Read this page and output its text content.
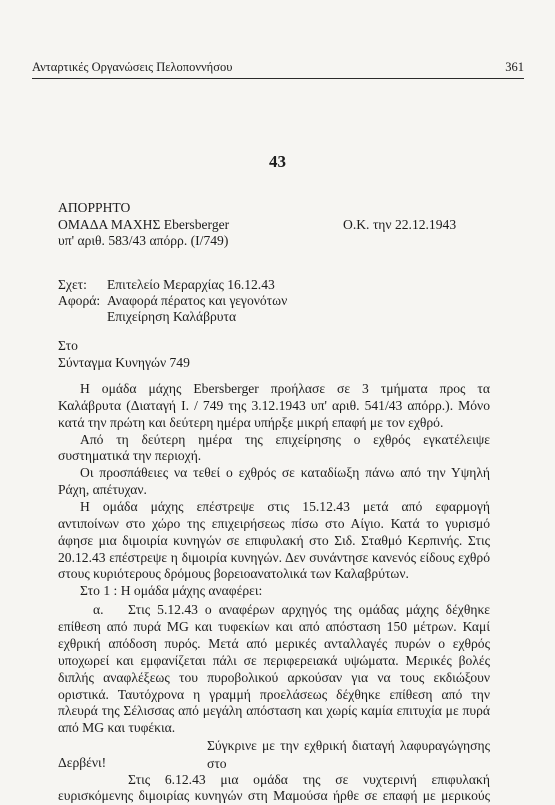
Ανταρτικές Οργανώσεις Πελοποννήσου	361
43
ΑΠΟΡΡΗΤΟ
ΟΜΑΔΑ ΜΑΧΗΣ Ebersberger
υπ' αριθ. 583/43 απόρρ. (I/749)
Ο.Κ. την 22.12.1943
Σχετ: Επιτελείο Μεραρχίας 16.12.43
Αφορά: Αναφορά πέρατος και γεγονότων
Επιχείρηση Καλάβρυτα
Στο
Σύνταγμα Κυνηγών 749
Η ομάδα μάχης Ebersberger προήλασε σε 3 τμήματα προς τα
Καλάβρυτα (Διαταγή I. / 749 της 3.12.1943 υπ' αριθ. 541/43 απόρρ.). Μόνο
κατά την πρώτη και δεύτερη ημέρα υπήρξε μικρή επαφή με τον εχθρό.
Από τη δεύτερη ημέρα της επιχείρησης ο εχθρός εγκατέλειψε
συστηματικά την περιοχή.
Οι προσπάθειες να τεθεί ο εχθρός σε καταδίωξη πάνω από την Υψηλή
Ράχη, απέτυχαν.
Η ομάδα μάχης επέστρεψε στις 15.12.43 μετά από εφαρμογή
αντιποίνων στο χώρο της επιχειρήσεως πίσω στο Αίγιο. Κατά το γυρισμό
άφησε μια διμοιρία κυνηγών σε επιφυλακή στο Σιδ. Σταθμό Κερπινής. Στις
20.12.43 επέστρεψε η διμοιρία κυνηγών. Δεν συνάντησε κανενός είδους εχθρό
στους κυριότερους δρόμους βορειοανατολικά των Καλαβρύτων.
Στο 1 : Η ομάδα μάχης αναφέρει:
α. Στις 5.12.43 ο αναφέρων αρχηγός της ομάδας μάχης δέχθηκε
επίθεση από πυρά MG και τυφεκίων και από απόσταση 150 μέτρων. Καμί
εχθρική απόδοση πυρός. Μετά από μερικές ανταλλαγές πυρών ο εχθρός
υποχωρεί και εμφανίζεται πάλι σε περιφερειακά υψώματα. Μερικές βολές
διπλής αναφλέξεως του πυροβολικού αρκούσαν για να τους εκδιώξουν
οριστικά. Ταυτόχρονα η γραμμή προελάσεως δέχθηκε επίθεση από την
πλευρά της Σέλισσας από μεγάλη απόσταση και χωρίς καμία επιτυχία με πυρά
από MG και τυφέκια.
Σύγκρινε με την εχθρική διαταγή λαφυραγώγησης στο
Δερβένι!
Στις 6.12.43 μια ομάδα της σε νυχτερινή επιφυλακή
ευρισκόμενης διμοιρίας κυνηγών στη Μαμούσα ήρθε σε επαφή με μερικούς
